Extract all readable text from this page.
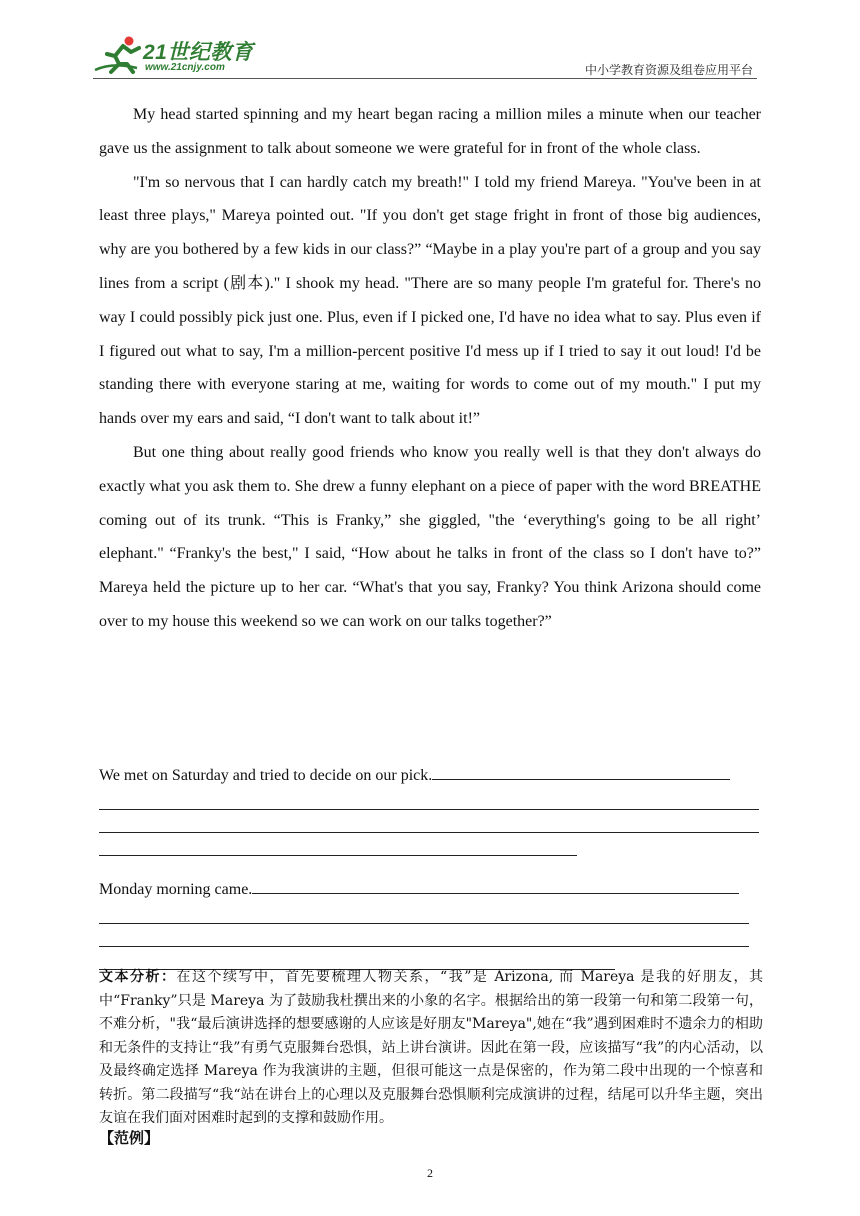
21世纪教育
www.21cnjy.com	中小学教育资源及组卷应用平台

My head started spinning and my heart began racing a million miles a minute when our teacher gave us the assignment to talk about someone we were grateful for in front of the whole class.

"I'm so nervous that I can hardly catch my breath!" I told my friend Mareya. "You've been in at least three plays," Mareya pointed out. "If you don't get stage fright in front of those big audiences, why are you bothered by a few kids in our class?” “Maybe in a play you're part of a group and you say lines from a script (剧本)." I shook my head. "There are so many people I'm grateful for. There's no way I could possibly pick just one. Plus, even if I picked one, I'd have no idea what to say. Plus even if I figured out what to say, I'm a million-percent positive I'd mess up if I tried to say it out loud! I'd be standing there with everyone staring at me, waiting for words to come out of my mouth." I put my hands over my ears and said, “I don't want to talk about it!”

But one thing about really good friends who know you really well is that they don't always do exactly what you ask them to. She drew a funny elephant on a piece of paper with the word BREATHE coming out of its trunk. “This is Franky,” she giggled, "the ‘everything's going to be all right’ elephant." “Franky's the best," I said, “How about he talks in front of the class so I don't have to?” Mareya held the picture up to her car. “What's that you say, Franky? You think Arizona should come over to my house this weekend so we can work on our talks together?”

We met on Saturday and tried to decide on our pick.
Monday morning came.
文本分析：在这个续写中，首先要梳理人物关系，“我”是 Arizona, 而 Mareya 是我的好朋友，其中“Franky”只是 Mareya 为了鼓励我杜撰出来的小象的名字。根据给出的第一段第一句和第二段第一句，不难分析，"我“最后演讲选择的想要感谢的人应该是好朋友"Mareya",她在“我”遇到困难时不遗余力的相助和无条件的支持让“我”有勇气克服舞台恐惧，站上讲台演讲。因此在第一段，应该描写“我”的内心活动，以及最终确定选择 Mareya 作为我演讲的主题，但很可能这一点是保密的，作为第二段中出现的一个惊喜和转折。第二段描写“我“站在讲台上的心理以及克服舞台恐惧顺利完成演讲的过程，结尾可以升华主题，突出友谊在我们面对困难时起到的支撑和鼓励作用。
【范例】
2
